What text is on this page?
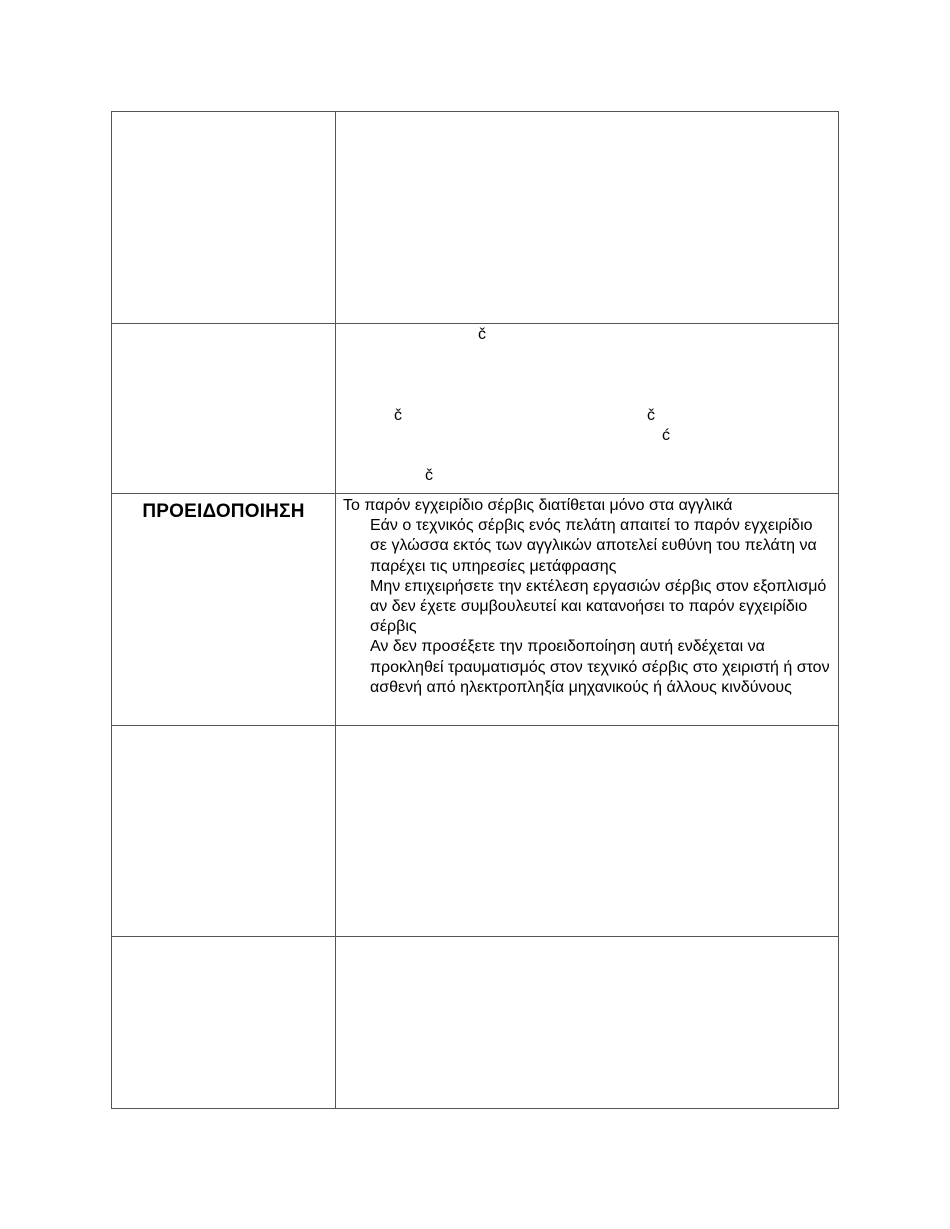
č
č	č
ć
č
ΠΡΟΕΙΔΟΠΟΙΗΣΗ	Το παρόν εγχειρίδιο σέρβις διατίθεται μόνο στα αγγλικά

Εάν ο τεχνικός σέρβις ενός πελάτη απαιτεί το παρόν εγχειρίδιο σε γλώσσα εκτός των αγγλικών αποτελεί ευθύνη του πελάτη να παρέχει τις υπηρεσίες μετάφρασης

Μην επιχειρήσετε την εκτέλεση εργασιών σέρβις στον εξοπλισμό αν δεν έχετε συμβουλευτεί και κατανοήσει το παρόν εγχειρίδιο σέρβις

Αν δεν προσέξετε την προειδοποίηση αυτή ενδέχεται να προκληθεί τραυματισμός στον τεχνικό σέρβις στο χειριστή ή στον ασθενή από ηλεκτροπληξία μηχανικούς ή άλλους κινδύνους
